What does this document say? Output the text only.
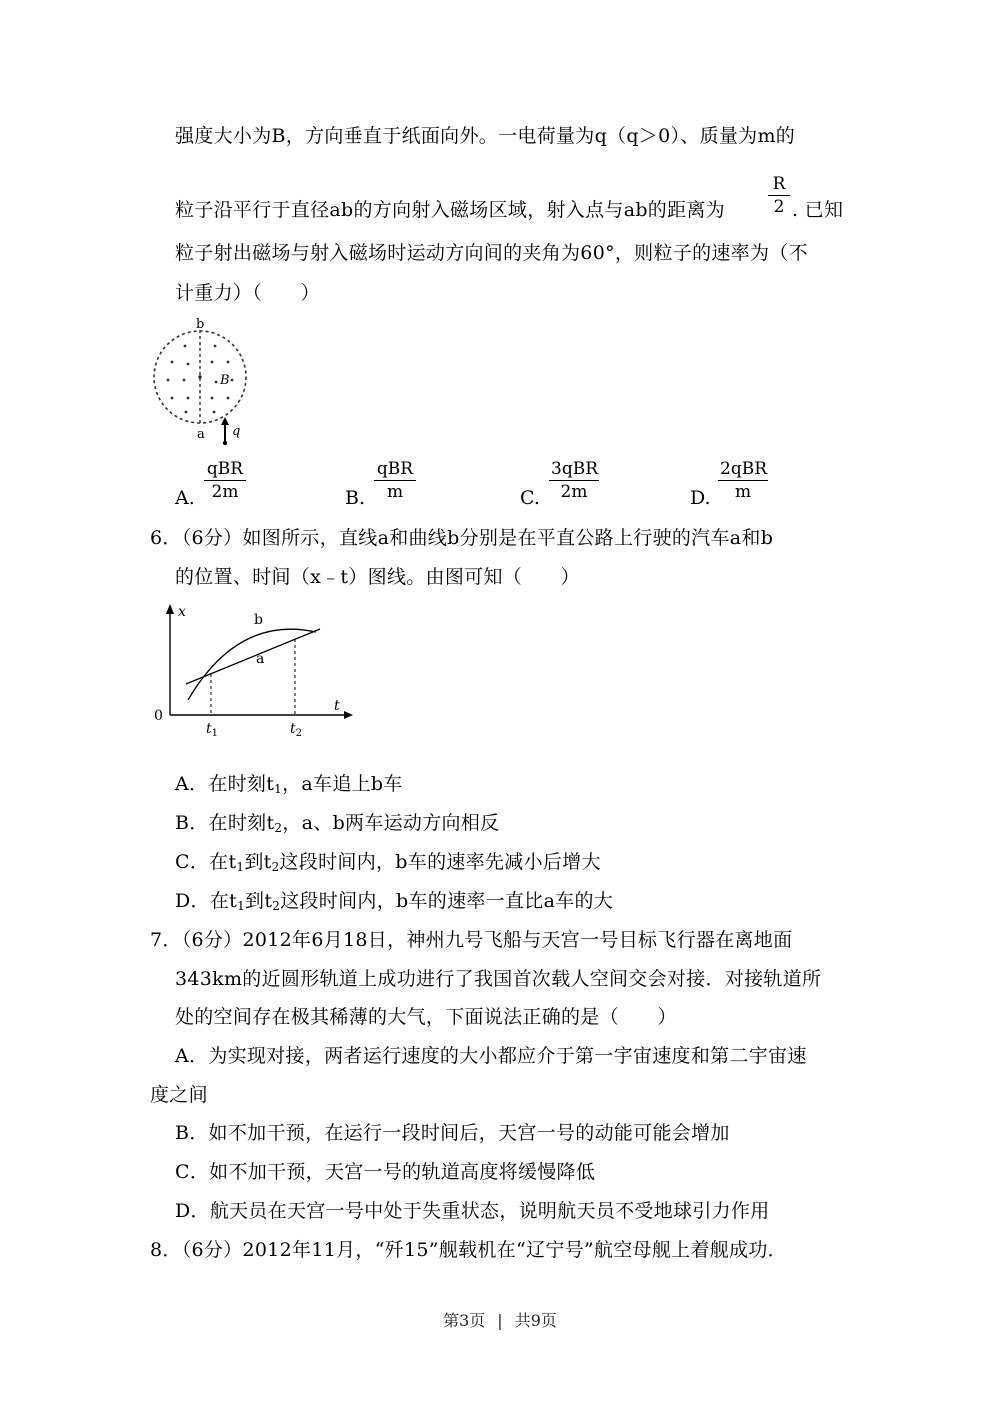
强度大小为B，方向垂直于纸面向外。一电荷量为q（q＞0）、质量为m的
粒子沿平行于直径ab的方向射入磁场区域，射入点与ab的距离为
R
2 . 已知
粒子射出磁场与射入磁场时运动方向间的夹角为60°，则粒子的速率为（不
计重力）（　　）
b
a
B
q
A.
qBR
2m	B.
qBR
m	C.
3qBR
2m	D.
2qBR
m
6．（6分）如图所示，直线a和曲线b分别是在平直公路上行驶的汽车a和b
的位置、时间（x﹣t）图线。由图可知（　　）
x
t
0
b
a
$t_1$	$t_2$
A．在时刻$t_1$，a车追上b车
B．在时刻$t_2$，a、b两车运动方向相反
C．在$t_1$到$t_2$这段时间内，b车的速率先减小后增大
D．在$t_1$到$t_2$这段时间内，b车的速率一直比a车的大
7．（6分）2012年6月18日，神州九号飞船与天宫一号目标飞行器在离地面
343km的近圆形轨道上成功进行了我国首次载人空间交会对接．对接轨道所
处的空间存在极其稀薄的大气，下面说法正确的是（　　）
A．为实现对接，两者运行速度的大小都应介于第一宇宙速度和第二宇宙速
度之间
B．如不加干预，在运行一段时间后，天宫一号的动能可能会增加
C．如不加干预，天宫一号的轨道高度将缓慢降低
D．航天员在天宫一号中处于失重状态，说明航天员不受地球引力作用
8．（6分）2012年11月，“歼15”舰载机在“辽宁号”航空母舰上着舰成功．
第3页 | 共9页
